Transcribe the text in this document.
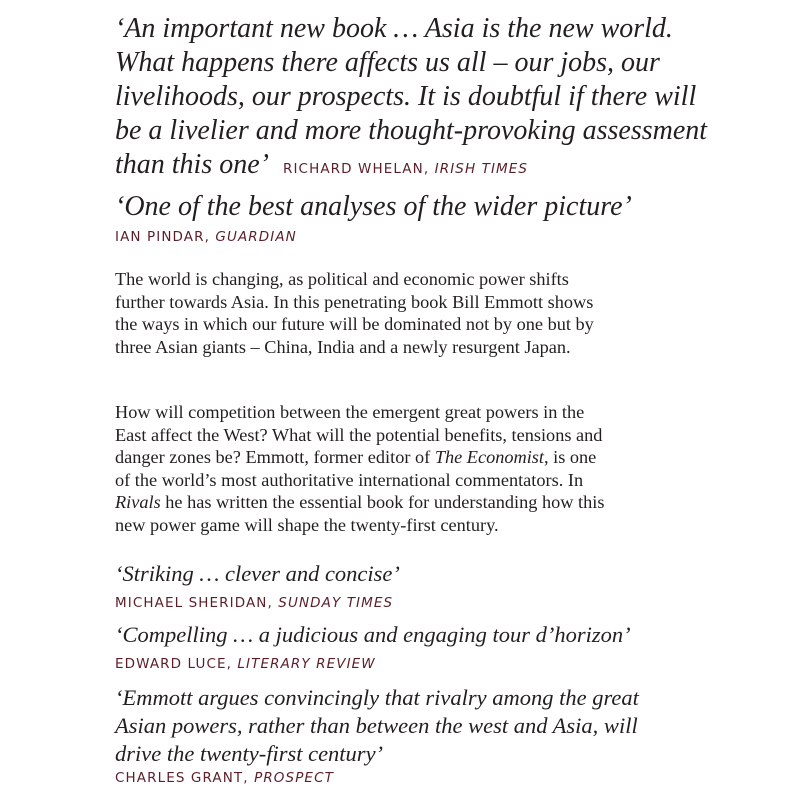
‘An important new book … Asia is the new world.
What happens there affects us all – our jobs, our
livelihoods, our prospects. It is doubtful if there will
be a livelier and more thought-provoking assessment
than this one’ RICHARD WHELAN, IRISH TIMES

‘One of the best analyses of the wider picture’

IAN PINDAR, GUARDIAN

The world is changing, as political and economic power shifts
further towards Asia. In this penetrating book Bill Emmott shows
the ways in which our future will be dominated not by one but by
three Asian giants – China, India and a newly resurgent Japan.

How will competition between the emergent great powers in the
East affect the West? What will the potential benefits, tensions and
danger zones be? Emmott, former editor of The Economist, is one
of the world’s most authoritative international commentators. In
Rivals he has written the essential book for understanding how this
new power game will shape the twenty-first century.

‘Striking … clever and concise’

MICHAEL SHERIDAN, SUNDAY TIMES

‘Compelling … a judicious and engaging tour d’horizon’

EDWARD LUCE, LITERARY REVIEW

‘Emmott argues convincingly that rivalry among the great
Asian powers, rather than between the west and Asia, will
drive the twenty-first century’

CHARLES GRANT, PROSPECT
